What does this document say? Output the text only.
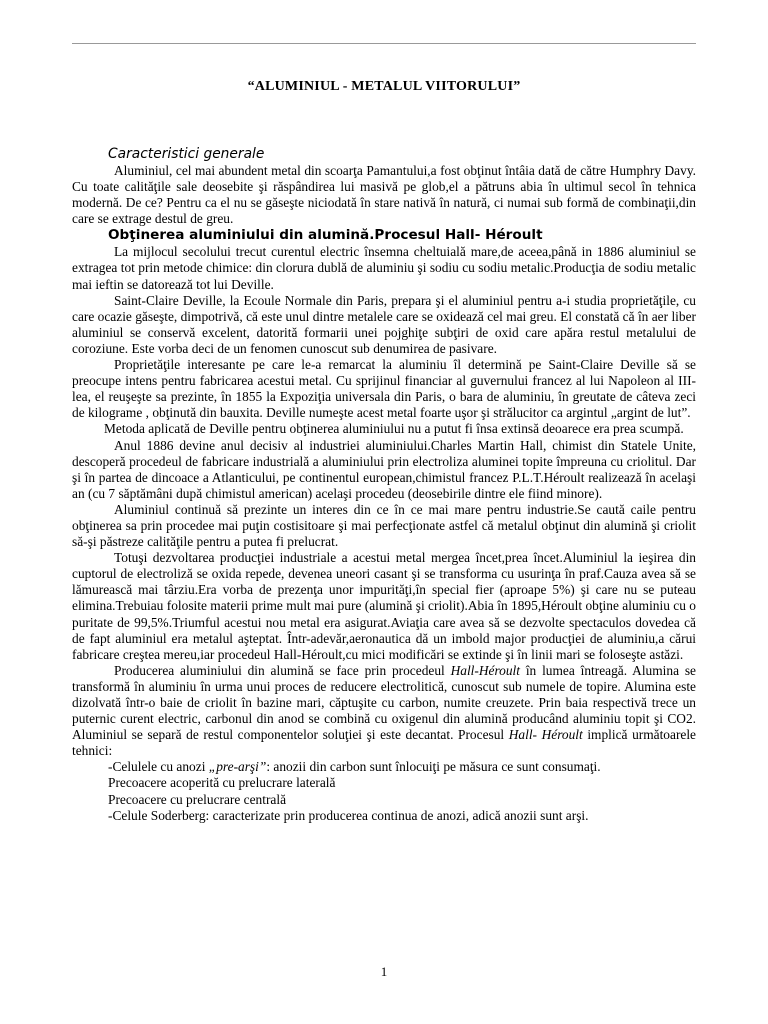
“ALUMINIUL - METALUL VIITORULUI”

Caracteristici generale

Aluminiul, cel mai abundent metal din scoarţa Pamantului,a fost obţinut întâia dată de către Humphry Davy. Cu toate calităţile sale deosebite şi răspândirea lui masivă pe glob,el a pătruns abia în ultimul secol în tehnica modernă. De ce? Pentru ca el nu se găseşte niciodată în stare nativă în natură, ci numai sub formă de combinaţii,din care se extrage destul de greu.

Obţinerea aluminiului din alumină.Procesul Hall- Héroult

La mijlocul secolului trecut curentul electric însemna cheltuială mare,de aceea,până in 1886 aluminiul se extragea tot prin metode chimice: din clorura dublă de aluminiu şi sodiu cu sodiu metalic.Producţia de sodiu metalic mai ieftin se datorează tot lui Deville.

Saint-Claire Deville, la Ecoule Normale din Paris, prepara şi el aluminiul pentru a-i studia proprietăţile, cu care ocazie găseşte, dimpotrivă, că este unul dintre metalele care se oxidează cel mai greu. El constată că în aer liber aluminiul se conservă excelent, datorită formarii unei pojghiţe subţiri de oxid care apăra restul metalului de coroziune. Este vorba deci de un fenomen cunoscut sub denumirea de pasivare.

Proprietăţile interesante pe care le-a remarcat la aluminiu îl determină pe Saint-Claire Deville să se preocupe intens pentru fabricarea acestui metal. Cu sprijinul financiar al guvernului francez al lui Napoleon al III-lea, el reuşeşte sa prezinte, în 1855 la Expoziţia universala din Paris, o bara de aluminiu, în greutate de câteva zeci de kilograme , obţinută din bauxita. Deville numeşte acest metal foarte uşor şi strălucitor ca argintul „argint de lut”.

Metoda aplicată de Deville pentru obţinerea aluminiului nu a putut fi însa extinsă deoarece era prea scumpă.

Anul 1886 devine anul decisiv al industriei aluminiului.Charles Martin Hall, chimist din Statele Unite, descoperă procedeul de fabricare industrială a aluminiului prin electroliza aluminei topite împreuna cu criolitul. Dar şi în partea de dincoace a Atlanticului, pe continentul european,chimistul francez P.L.T.Héroult realizează în acelaşi an (cu 7 săptămâni după chimistul american) acelaşi procedeu (deosebirile dintre ele fiind minore).

Aluminiul continuă să prezinte un interes din ce în ce mai mare pentru industrie.Se caută caile pentru obţinerea sa prin procedee mai puţin costisitoare şi mai perfecţionate astfel că metalul obţinut din alumină şi criolit să-şi păstreze calităţile pentru a putea fi prelucrat.

Totuşi dezvoltarea producţiei industriale a acestui metal mergea încet,prea încet.Aluminiul la ieşirea din cuptorul de electroliză se oxida repede, devenea uneori casant şi se transforma cu usurinţa în praf.Cauza avea să se lămurească mai târziu.Era vorba de prezenţa unor impurităţi,în special fier (aproape 5%) şi care nu se puteau elimina.Trebuiau folosite materii prime mult mai pure (alumină şi criolit).Abia în 1895,Héroult obţine aluminiu cu o puritate de 99,5%.Triumful acestui nou metal era asigurat.Aviaţia care avea să se dezvolte spectaculos dovedea că de fapt aluminiul era metalul aşteptat. Într-adevăr,aeronautica dă un imbold major producţiei de aluminiu,a cărui fabricare creştea mereu,iar procedeul Hall-Héroult,cu mici modificări se extinde şi în linii mari se foloseşte astăzi.

Producerea aluminiului din alumină se face prin procedeul Hall-Héroult în lumea întreagă. Alumina se transformă în aluminiu în urma unui proces de reducere electrolitică, cunoscut sub numele de topire. Alumina este dizolvată într-o baie de criolit în bazine mari, căptuşite cu carbon, numite creuzete. Prin baia respectivă trece un puternic curent electric, carbonul din anod se combină cu oxigenul din alumină producând aluminiu topit şi CO2. Aluminiul se separă de restul componentelor soluţiei şi este decantat. Procesul Hall- Héroult implică următoarele tehnici:

-Celulele cu anozi „pre-arşi”: anozii din carbon sunt înlocuiţi pe măsura ce sunt consumaţi.

Precoacere acoperită cu prelucrare laterală

Precoacere cu prelucrare centrală

-Celule Soderberg: caracterizate prin producerea continua de anozi, adică anozii sunt arşi.

1
